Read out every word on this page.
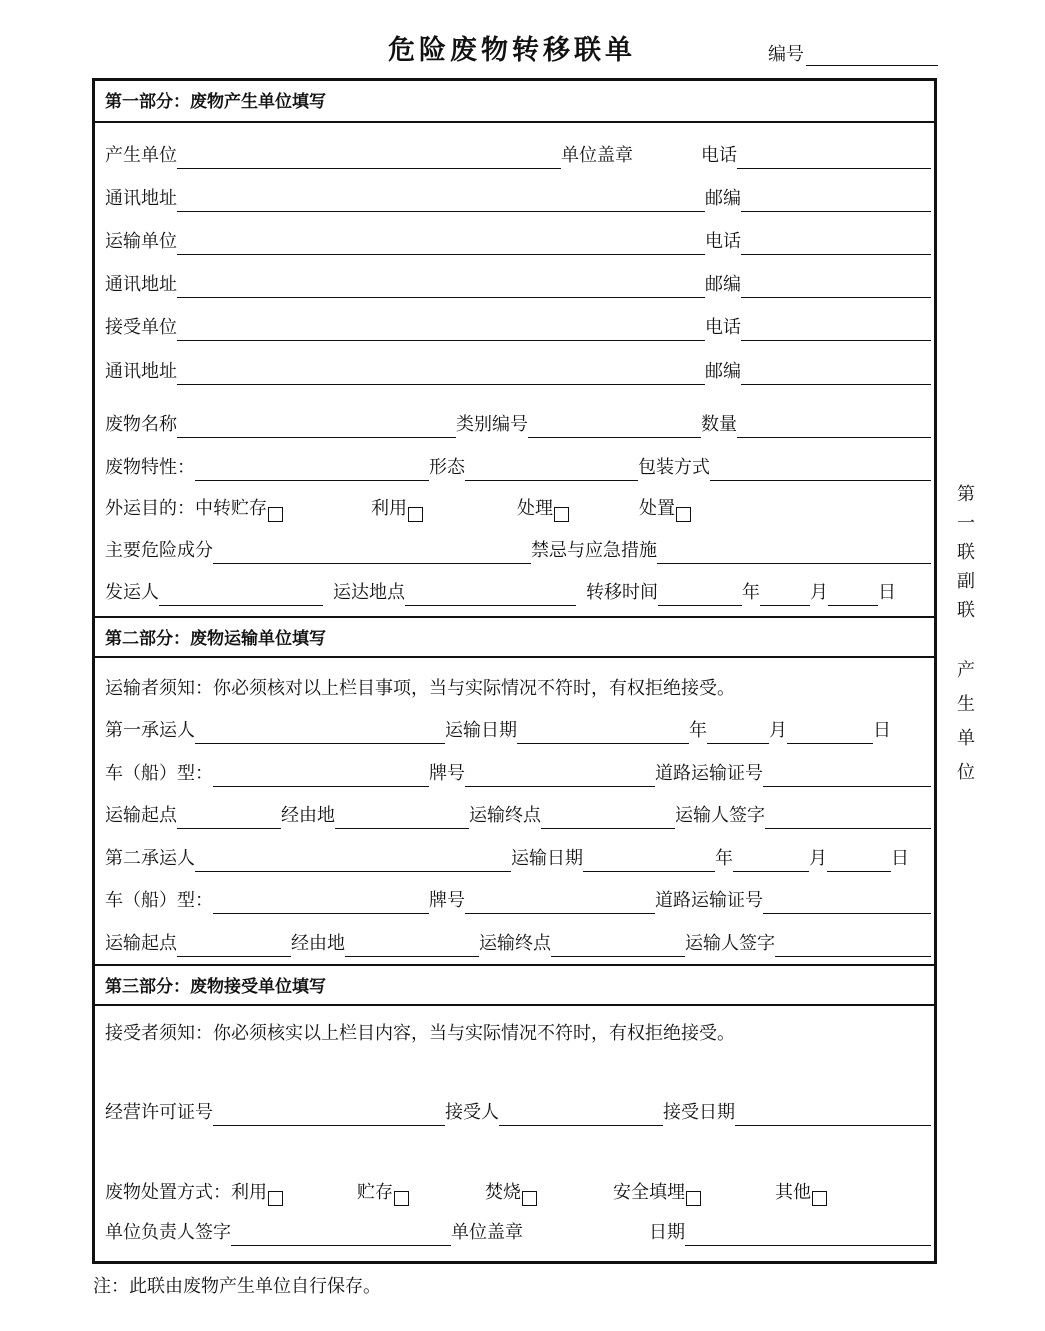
危险废物转移联单	编号
第一部分：废物产生单位填写
产生单位	单位盖章	电话
通讯地址	邮编
运输单位	电话
通讯地址	邮编
接受单位	电话
通讯地址	邮编
废物名称	类别编号	数量
废物特性：	形态	包装方式
外运目的： 中转贮存	利用	处理	处置
主要危险成分	禁忌与应急措施
发运人	运达地点	转移时间	年	月	日
第二部分：废物运输单位填写
运输者须知：你必须核对以上栏目事项，当与实际情况不符时，有权拒绝接受。
第一承运人	运输日期	年	月	日
车（船）型：	牌号	道路运输证号
运输起点	经由地	运输终点	运输人签字
第二承运人	运输日期	年	月	日
车（船）型：	牌号	道路运输证号
运输起点	经由地	运输终点	运输人签字
第三部分：废物接受单位填写
接受者须知：你必须核实以上栏目内容，当与实际情况不符时，有权拒绝接受。
经营许可证号	接受人	接受日期
废物处置方式： 利用	贮存	焚烧	安全填埋	其他
单位负责人签字	单位盖章	日期
第
一
联
副
联
产
生
单
位
注：此联由废物产生单位自行保存。
